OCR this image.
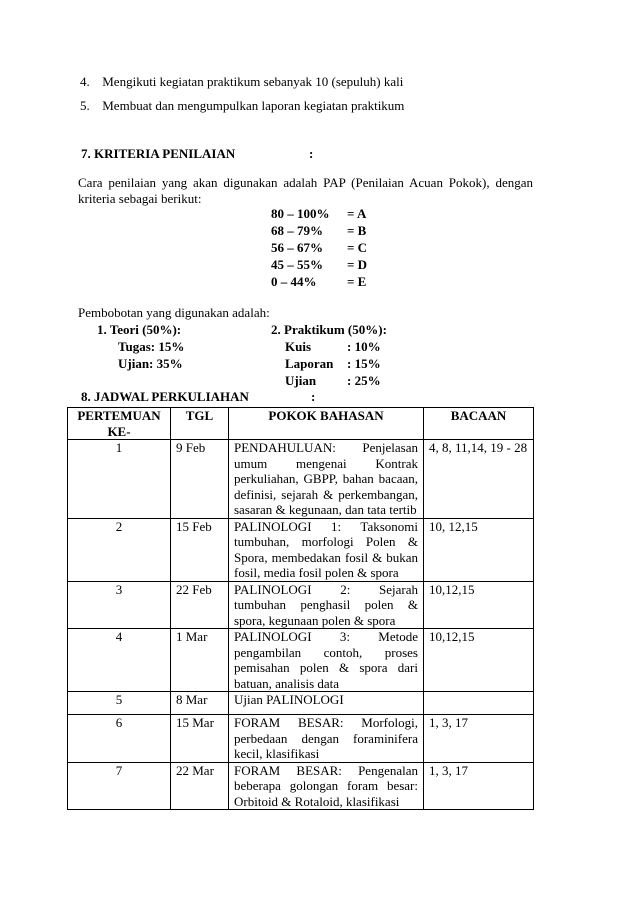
4. Mengikuti kegiatan praktikum sebanyak 10 (sepuluh) kali
5. Membuat dan mengumpulkan laporan kegiatan praktikum
7. KRITERIA PENILAIAN	:
Cara penilaian yang akan digunakan adalah PAP (Penilaian Acuan Pokok), dengan kriteria sebagai berikut:
80 – 100% = A
68 – 79% = B
56 – 67% = C
45 – 55% = D
0 – 44% = E
Pembobotan yang digunakan adalah:
1. Teori (50%):
Tugas: 15%
Ujian: 35%
2. Praktikum (50%):
Kuis	: 10%
Laporan : 15%
Ujian : 25%
8. JADWAL PERKULIAHAN	:
PERTEMUAN KE-	TGL	POKOK BAHASAN	BACAAN
1	9 Feb	PENDAHULUAN: Penjelasan umum mengenai Kontrak perkuliahan, GBPP, bahan bacaan, definisi, sejarah & perkembangan, sasaran & kegunaan, dan tata tertib	4, 8, 11,14, 19 - 28
2	15 Feb	PALINOLOGI 1: Taksonomi tumbuhan, morfologi Polen & Spora, membedakan fosil & bukan fosil, media fosil polen & spora	10, 12,15
3	22 Feb	PALINOLOGI 2: Sejarah tumbuhan penghasil polen & spora, kegunaan polen & spora	10,12,15
4	1 Mar	PALINOLOGI 3: Metode pengambilan contoh, proses pemisahan polen & spora dari batuan, analisis data	10,12,15
5	8 Mar	Ujian PALINOLOGI	
6	15 Mar	FORAM BESAR: Morfologi, perbedaan dengan foraminifera kecil, klasifikasi	1, 3, 17
7	22 Mar	FORAM BESAR: Pengenalan beberapa golongan foram besar: Orbitoid & Rotaloid, klasifikasi	1, 3, 17
